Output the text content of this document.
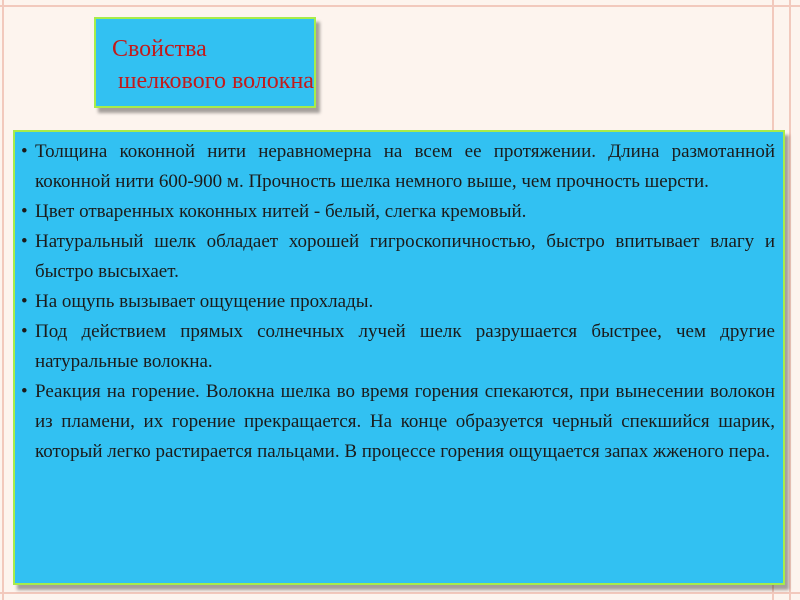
Свойства
шелкового волокна

• Толщина коконной нити неравномерна на всем ее протяжении. Длина размотанной коконной нити 600-900 м. Прочность шелка немного выше, чем прочность шерсти.

• Цвет отваренных коконных нитей - белый, слегка кремовый.

• Натуральный шелк обладает хорошей гигроскопичностью, быстро впитывает влагу и быстро высыхает.

• На ощупь вызывает ощущение прохлады.

• Под действием прямых солнечных лучей шелк разрушается быстрее, чем другие натуральные волокна.

• Реакция на горение. Волокна шелка во время горения спекаются, при вынесении волокон из пламени, их горение прекращается. На конце образуется черный спекшийся шарик, который легко растирается пальцами. В процессе горения ощущается запах жженого пера.
